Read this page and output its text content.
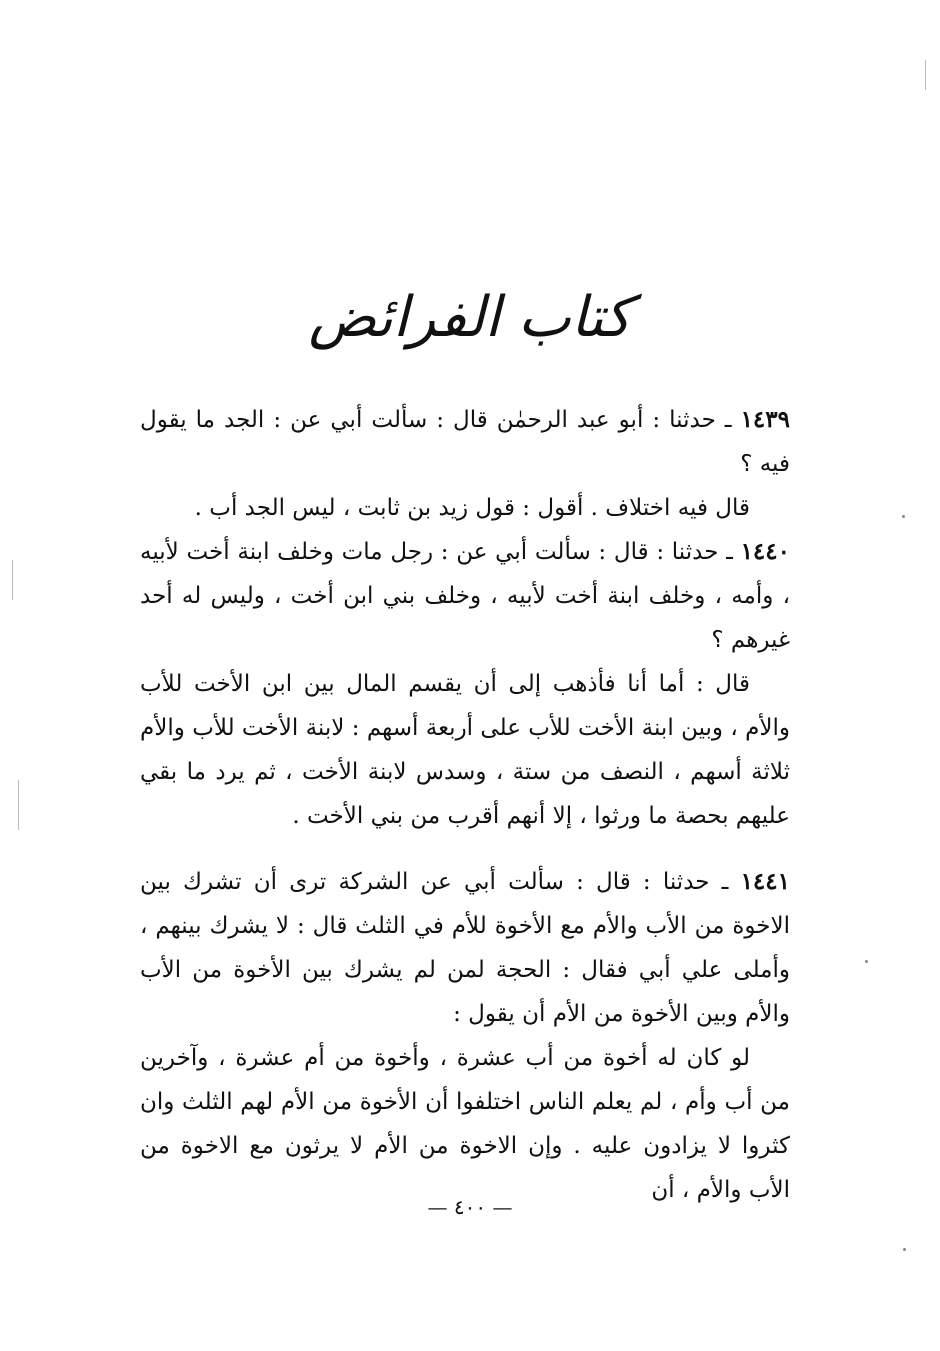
كتاب الفرائض

١٤٣٩ ـ حدثنا : أبو عبد الرحمٰن قال : سألت أبي عن : الجد ما يقول فيه ؟

قال فيه اختلاف . أقول : قول زيد بن ثابت ، ليس الجد أب .

١٤٤٠ ـ حدثنا : قال : سألت أبي عن : رجل مات وخلف ابنة أخت لأبيه ، وأمه ، وخلف ابنة أخت لأبيه ، وخلف بني ابن أخت ، وليس له أحد غيرهم ؟

قال : أما أنا فأذهب إلى أن يقسم المال بين ابن الأخت للأب والأم ، وبين ابنة الأخت للأب على أربعة أسهم : لابنة الأخت للأب والأم ثلاثة أسهم ، النصف من ستة ، وسدس لابنة الأخت ، ثم يرد ما بقي عليهم بحصة ما ورثوا ، إلا أنهم أقرب من بني الأخت .

١٤٤١ ـ حدثنا : قال : سألت أبي عن الشركة ترى أن تشرك بين الاخوة من الأب والأم مع الأخوة للأم في الثلث قال : لا يشرك بينهم ، وأملى علي أبي فقال : الحجة لمن لم يشرك بين الأخوة من الأب والأم وبين الأخوة من الأم أن يقول :

لو كان له أخوة من أب عشرة ، وأخوة من أم عشرة ، وآخرين من أب وأم ، لم يعلم الناس اختلفوا أن الأخوة من الأم لهم الثلث وان كثروا لا يزادون عليه . وإن الاخوة من الأم لا يرثون مع الاخوة من الأب والأم ، أن

— ٤٠٠ —
